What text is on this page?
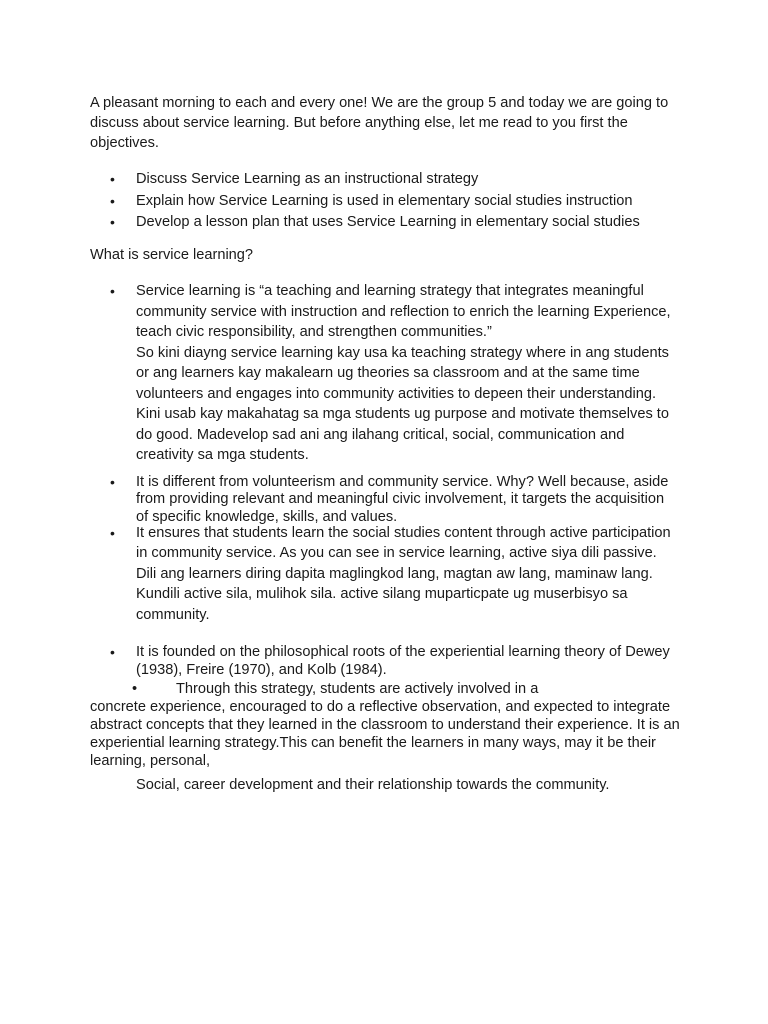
A pleasant morning to each and every one! We are the group 5 and today we are going to discuss about service learning. But before anything else, let me read to you first the objectives.

•	Discuss Service Learning as an instructional strategy
•	Explain how Service Learning is used in elementary social studies instruction
•	Develop a lesson plan that uses Service Learning in elementary social studies

What is service learning?

•	Service learning is “a teaching and learning strategy that integrates meaningful community service with instruction and reflection to enrich the learning Experience, teach civic responsibility, and strengthen communities.”

So kini diayng service learning kay usa ka teaching strategy where in ang students or ang learners kay makalearn ug theories sa classroom and at the same time volunteers and engages into community activities to depeen their understanding. Kini usab kay makahatag sa mga students ug purpose and motivate themselves to do good. Madevelop sad ani ang ilahang critical, social, communication and creativity sa mga students.

•	It is different from volunteerism and community service. Why? Well because, aside from providing relevant and meaningful civic involvement, it targets the acquisition of specific knowledge, skills, and values.
•	It ensures that students learn the social studies content through active participation in community service. As you can see in service learning, active siya dili passive. Dili ang learners diring dapita maglingkod lang, magtan aw lang, maminaw lang. Kundili active sila, mulihok sila. active silang muparticpate ug muserbisyo sa community.
•	It is founded on the philosophical roots of the experiential learning theory of Dewey (1938), Freire (1970), and Kolb (1984).
•	Through this strategy, students are actively involved in a
concrete experience, encouraged to do a reflective observation, and expected to integrate abstract concepts that they learned in the classroom to understand their experience. It is an experiential learning strategy.This can benefit the learners in many ways, may it be their learning, personal,

Social, career development and their relationship towards the community.
